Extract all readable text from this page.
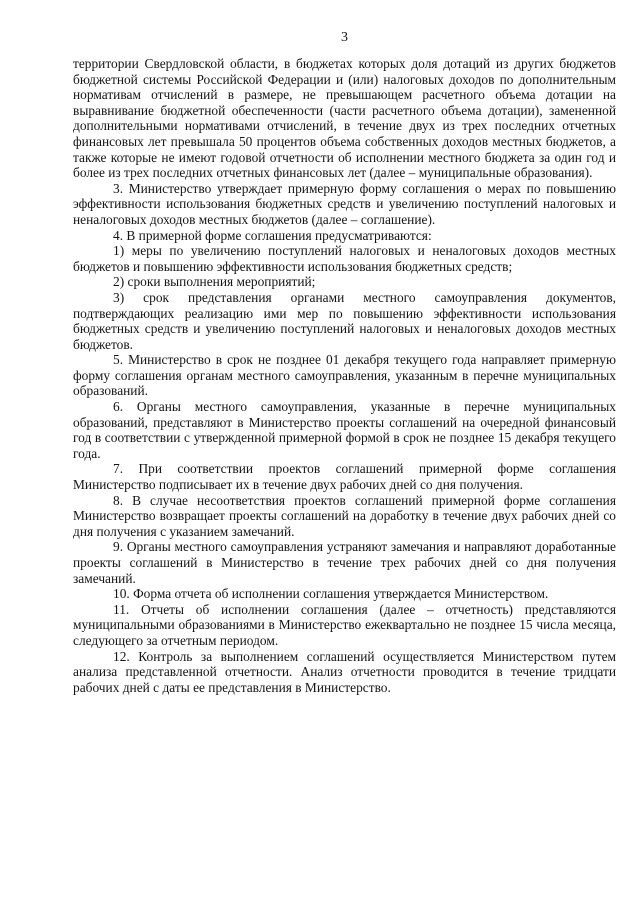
3

территории Свердловской области, в бюджетах которых доля дотаций из других бюджетов бюджетной системы Российской Федерации и (или) налоговых доходов по дополнительным нормативам отчислений в размере, не превышающем расчетного объема дотации на выравнивание бюджетной обеспеченности (части расчетного объема дотации), замененной дополнительными нормативами отчислений, в течение двух из трех последних отчетных финансовых лет превышала 50 процентов объема собственных доходов местных бюджетов, а также которые не имеют годовой отчетности об исполнении местного бюджета за один год и более из трех последних отчетных финансовых лет (далее – муниципальные образования).

3. Министерство утверждает примерную форму соглашения о мерах по повышению эффективности использования бюджетных средств и увеличению поступлений налоговых и неналоговых доходов местных бюджетов (далее – соглашение).

4. В примерной форме соглашения предусматриваются:

1) меры по увеличению поступлений налоговых и неналоговых доходов местных бюджетов и повышению эффективности использования бюджетных средств;

2) сроки выполнения мероприятий;

3) срок представления органами местного самоуправления документов, подтверждающих реализацию ими мер по повышению эффективности использования бюджетных средств и увеличению поступлений налоговых и неналоговых доходов местных бюджетов.

5. Министерство в срок не позднее 01 декабря текущего года направляет примерную форму соглашения органам местного самоуправления, указанным в перечне муниципальных образований.

6. Органы местного самоуправления, указанные в перечне муниципальных образований, представляют в Министерство проекты соглашений на очередной финансовый год в соответствии с утвержденной примерной формой в срок не позднее 15 декабря текущего года.

7. При соответствии проектов соглашений примерной форме соглашения Министерство подписывает их в течение двух рабочих дней со дня получения.

8. В случае несоответствия проектов соглашений примерной форме соглашения Министерство возвращает проекты соглашений на доработку в течение двух рабочих дней со дня получения с указанием замечаний.

9. Органы местного самоуправления устраняют замечания и направляют доработанные проекты соглашений в Министерство в течение трех рабочих дней со дня получения замечаний.

10. Форма отчета об исполнении соглашения утверждается Министерством.

11. Отчеты об исполнении соглашения (далее – отчетность) представляются муниципальными образованиями в Министерство ежеквартально не позднее 15 числа месяца, следующего за отчетным периодом.

12. Контроль за выполнением соглашений осуществляется Министерством путем анализа представленной отчетности. Анализ отчетности проводится в течение тридцати рабочих дней с даты ее представления в Министерство.
